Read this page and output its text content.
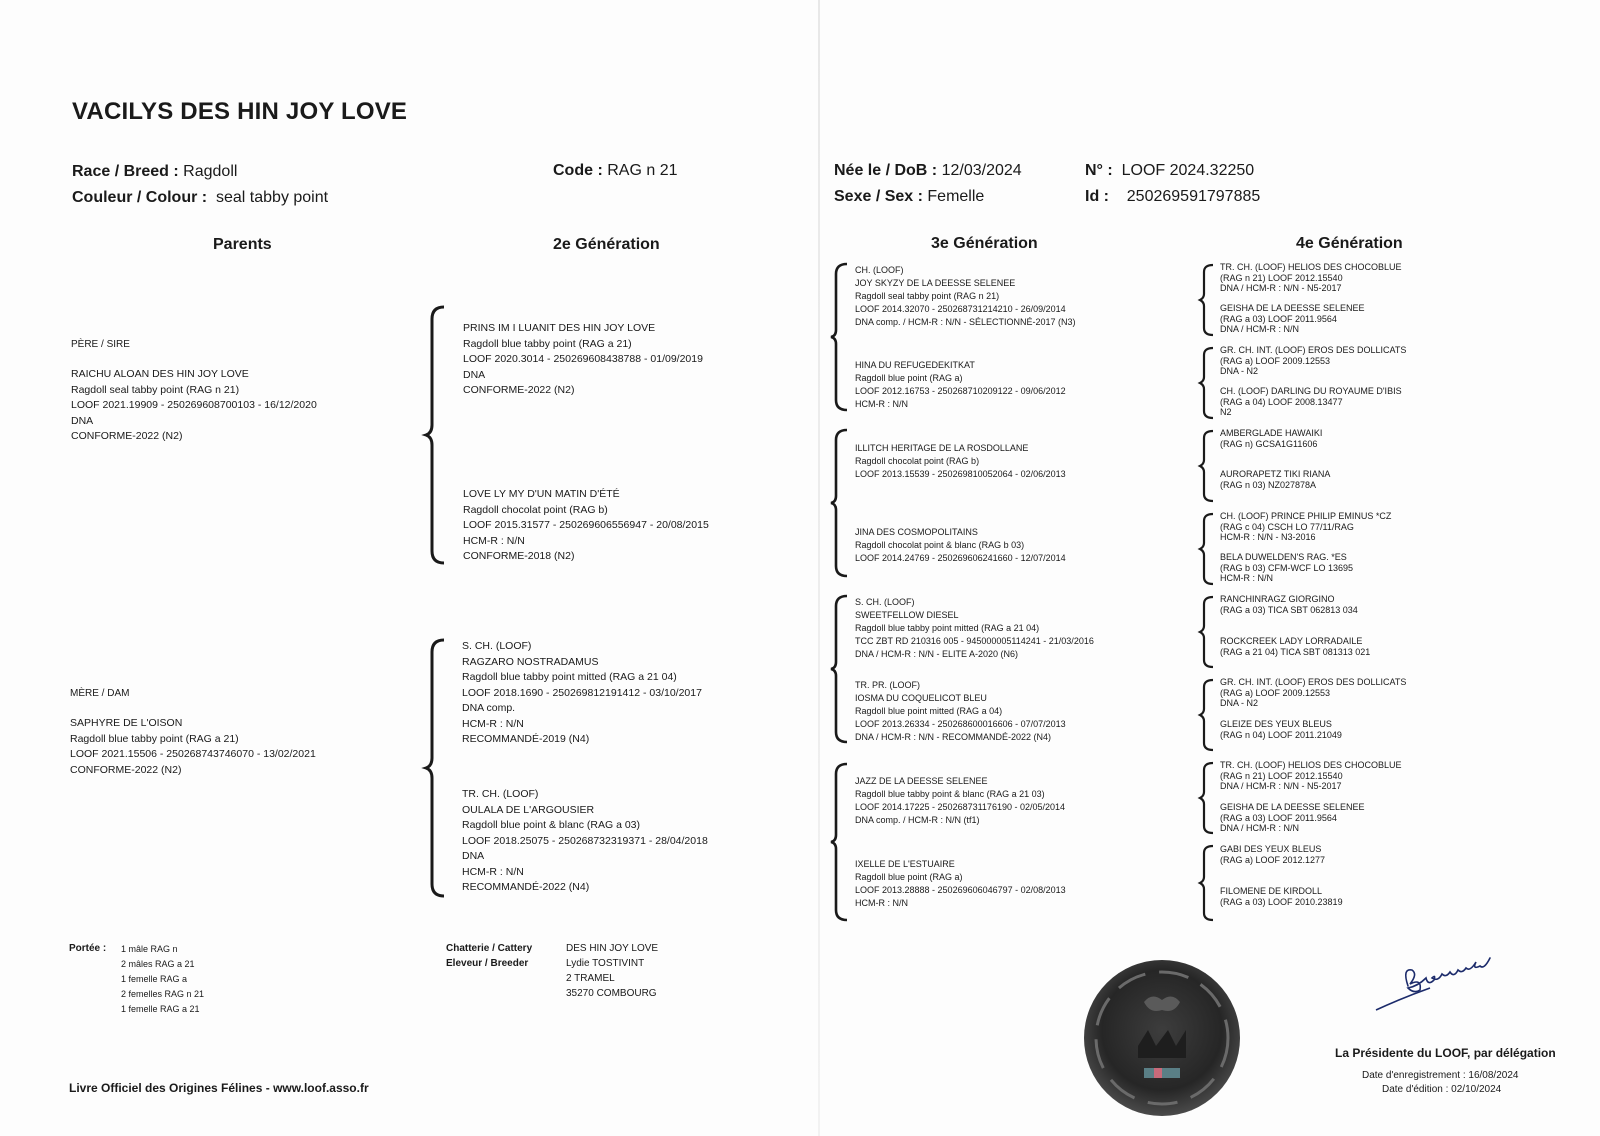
VACILYS DES HIN JOY LOVE
Race / Breed : Ragdoll
Couleur / Colour : seal tabby point
Code : RAG n 21	Née le / DoB : 12/03/2024
Sexe / Sex : Femelle
N° : LOOF 2024.32250
Id : 250269591797885
Parents	2e Génération	3e Génération	4e Génération
PÈRE / SIRE
RAICHU ALOAN DES HIN JOY LOVE
Ragdoll seal tabby point (RAG n 21)
LOOF 2021.19909 - 250269608700103 - 16/12/2020
DNA
CONFORME-2022 (N2)
MÈRE / DAM
SAPHYRE DE L'OISON
Ragdoll blue tabby point (RAG a 21)
LOOF 2021.15506 - 250268743746070 - 13/02/2021
CONFORME-2022 (N2)
PRINS IM I LUANIT DES HIN JOY LOVE
Ragdoll blue tabby point (RAG a 21)
LOOF 2020.3014 - 250269608438788 - 01/09/2019
DNA
CONFORME-2022 (N2)
LOVE LY MY D'UN MATIN D'ÉTÉ
Ragdoll chocolat point (RAG b)
LOOF 2015.31577 - 250269606556947 - 20/08/2015
HCM-R : N/N
CONFORME-2018 (N2)
S. CH. (LOOF)
RAGZARO NOSTRADAMUS
Ragdoll blue tabby point mitted (RAG a 21 04)
LOOF 2018.1690 - 250269812191412 - 03/10/2017
DNA comp.
HCM-R : N/N
RECOMMANDÉ-2019 (N4)
TR. CH. (LOOF)
OULALA DE L'ARGOUSIER
Ragdoll blue point & blanc (RAG a 03)
LOOF 2018.25075 - 250268732319371 - 28/04/2018
DNA
HCM-R : N/N
RECOMMANDÉ-2022 (N4)
CH. (LOOF)
JOY SKYZY DE LA DEESSE SELENEE
Ragdoll seal tabby point (RAG n 21)
LOOF 2014.32070 - 250268731214210 - 26/09/2014
DNA comp. / HCM-R : N/N - SÉLECTIONNÉ-2017 (N3)
HINA DU REFUGEDEKITKAT
Ragdoll blue point (RAG a)
LOOF 2012.16753 - 250268710209122 - 09/06/2012
HCM-R : N/N
ILLITCH HERITAGE DE LA ROSDOLLANE
Ragdoll chocolat point (RAG b)
LOOF 2013.15539 - 250269810052064 - 02/06/2013
JINA DES COSMOPOLITAINS
Ragdoll chocolat point & blanc (RAG b 03)
LOOF 2014.24769 - 250269606241660 - 12/07/2014
S. CH. (LOOF)
SWEETFELLOW DIESEL
Ragdoll blue tabby point mitted (RAG a 21 04)
TCC ZBT RD 210316 005 - 945000005114241 - 21/03/2016
DNA / HCM-R : N/N - ELITE A-2020 (N6)
TR. PR. (LOOF)
IOSMA DU COQUELICOT BLEU
Ragdoll blue point mitted (RAG a 04)
LOOF 2013.26334 - 250268600016606 - 07/07/2013
DNA / HCM-R : N/N - RECOMMANDÉ-2022 (N4)
JAZZ DE LA DEESSE SELENEE
Ragdoll blue tabby point & blanc (RAG a 21 03)
LOOF 2014.17225 - 250268731176190 - 02/05/2014
DNA comp. / HCM-R : N/N (tf1)
IXELLE DE L'ESTUAIRE
Ragdoll blue point (RAG a)
LOOF 2013.28888 - 250269606046797 - 02/08/2013
HCM-R : N/N
TR. CH. (LOOF) HELIOS DES CHOCOBLUE
(RAG n 21) LOOF 2012.15540
DNA / HCM-R : N/N - N5-2017
GEISHA DE LA DEESSE SELENEE
(RAG a 03) LOOF 2011.9564
DNA / HCM-R : N/N
GR. CH. INT. (LOOF) EROS DES DOLLICATS
(RAG a) LOOF 2009.12553
DNA - N2
CH. (LOOF) DARLING DU ROYAUME D'IBIS
(RAG a 04) LOOF 2008.13477
N2
AMBERGLADE HAWAIKI
(RAG n) GCSA1G11606
AURORAPETZ TIKI RIANA
(RAG n 03) NZ027878A
CH. (LOOF) PRINCE PHILIP EMINUS *CZ
(RAG c 04) CSCH LO 77/11/RAG
HCM-R : N/N - N3-2016
BELA DUWELDEN'S RAG. *ES
(RAG b 03) CFM-WCF LO 13695
HCM-R : N/N
RANCHINRAGZ GIORGINO
(RAG a 03) TICA SBT 062813 034
ROCKCREEK LADY LORRADAILE
(RAG a 21 04) TICA SBT 081313 021
GR. CH. INT. (LOOF) EROS DES DOLLICATS
(RAG a) LOOF 2009.12553
DNA - N2
GLEIZE DES YEUX BLEUS
(RAG n 04) LOOF 2011.21049
TR. CH. (LOOF) HELIOS DES CHOCOBLUE
(RAG n 21) LOOF 2012.15540
DNA / HCM-R : N/N - N5-2017
GEISHA DE LA DEESSE SELENEE
(RAG a 03) LOOF 2011.9564
DNA / HCM-R : N/N
GABI DES YEUX BLEUS
(RAG a) LOOF 2012.1277
FILOMENE DE KIRDOLL
(RAG a 03) LOOF 2010.23819
Portée : 1 mâle RAG n
2 mâles RAG a 21
1 femelle RAG a
2 femelles RAG n 21
1 femelle RAG a 21
Chatterie / Cattery	DES HIN JOY LOVE
Eleveur / Breeder	Lydie TOSTIVINT
2 TRAMEL
35270 COMBOURG
Livre Officiel des Origines Félines - www.loof.asso.fr
La Présidente du LOOF, par délégation
Date d'enregistrement : 16/08/2024
Date d'édition : 02/10/2024
